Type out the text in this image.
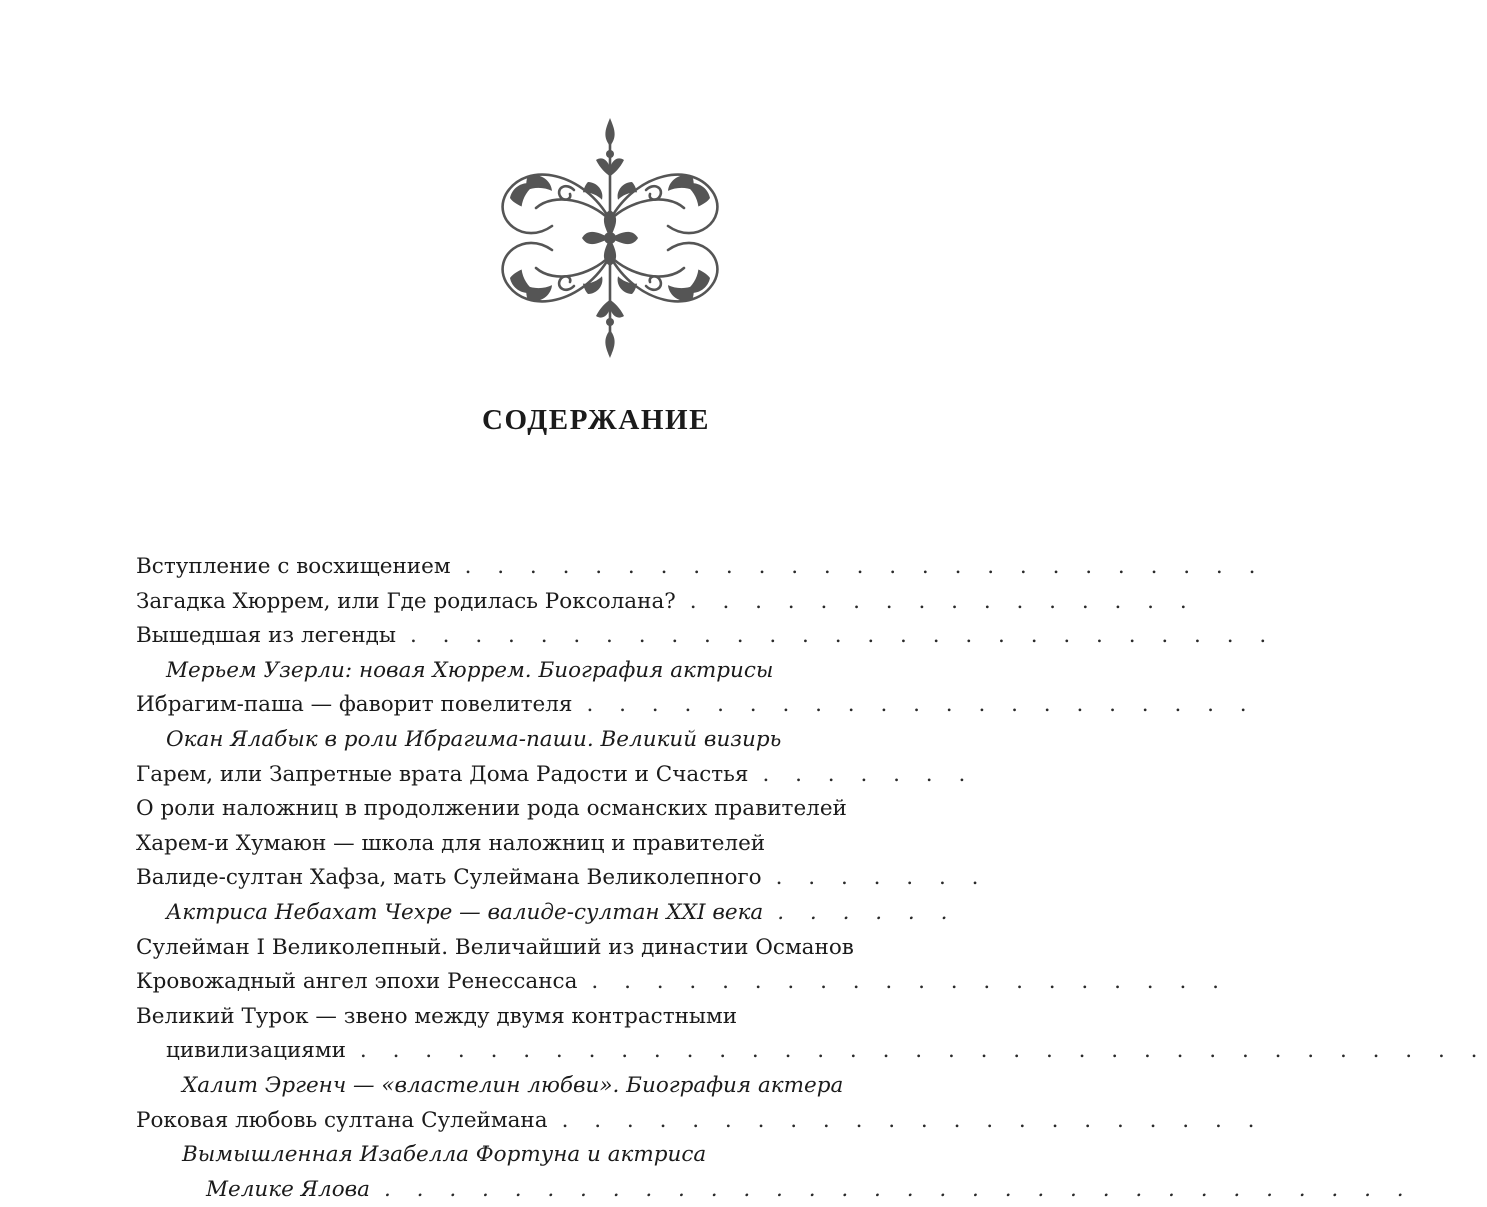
СОДЕРЖАНИЕ
Вступление с восхищением . . . . . . . . . . . . . . . . . . . . . . . . .
Загадка Хюррем, или Где родилась Роксолана? . . . . . . . . . . . . . . . .
Вышедшая из легенды . . . . . . . . . . . . . . . . . . . . . . . . . . .
Мерьем Узерли: новая Хюррем. Биография актрисы
Ибрагим-паша — фаворит повелителя . . . . . . . . . . . . . . . . . . . . .
Окан Ялабык в роли Ибрагима-паши. Великий визирь
Гарем, или Запретные врата Дома Радости и Счастья . . . . . . .
О роли наложниц в продолжении рода османских правителей
Харем-и Хумаюн — школа для наложниц и правителей
Валиде-султан Хафза, мать Сулеймана Великолепного . . . . . . .
Актриса Небахат Чехре — валиде-султан XXI века . . . . . .
Сулейман I Великолепный. Величайший из династии Османов
Кровожадный ангел эпохи Ренессанса . . . . . . . . . . . . . . . . . . . .
Великий Турок — звено между двумя контрастными
цивилизациями . . . . . . . . . . . . . . . . . . . . . . . . . . . . . . . . . . .
Халит Эргенч — «властелин любви». Биография актера
Роковая любовь султана Сулеймана . . . . . . . . . . . . . . . . . . . . . .
Вымышленная Изабелла Фортуна и актриса
Мелике Ялова . . . . . . . . . . . . . . . . . . . . . . . . . . . . . . . .
